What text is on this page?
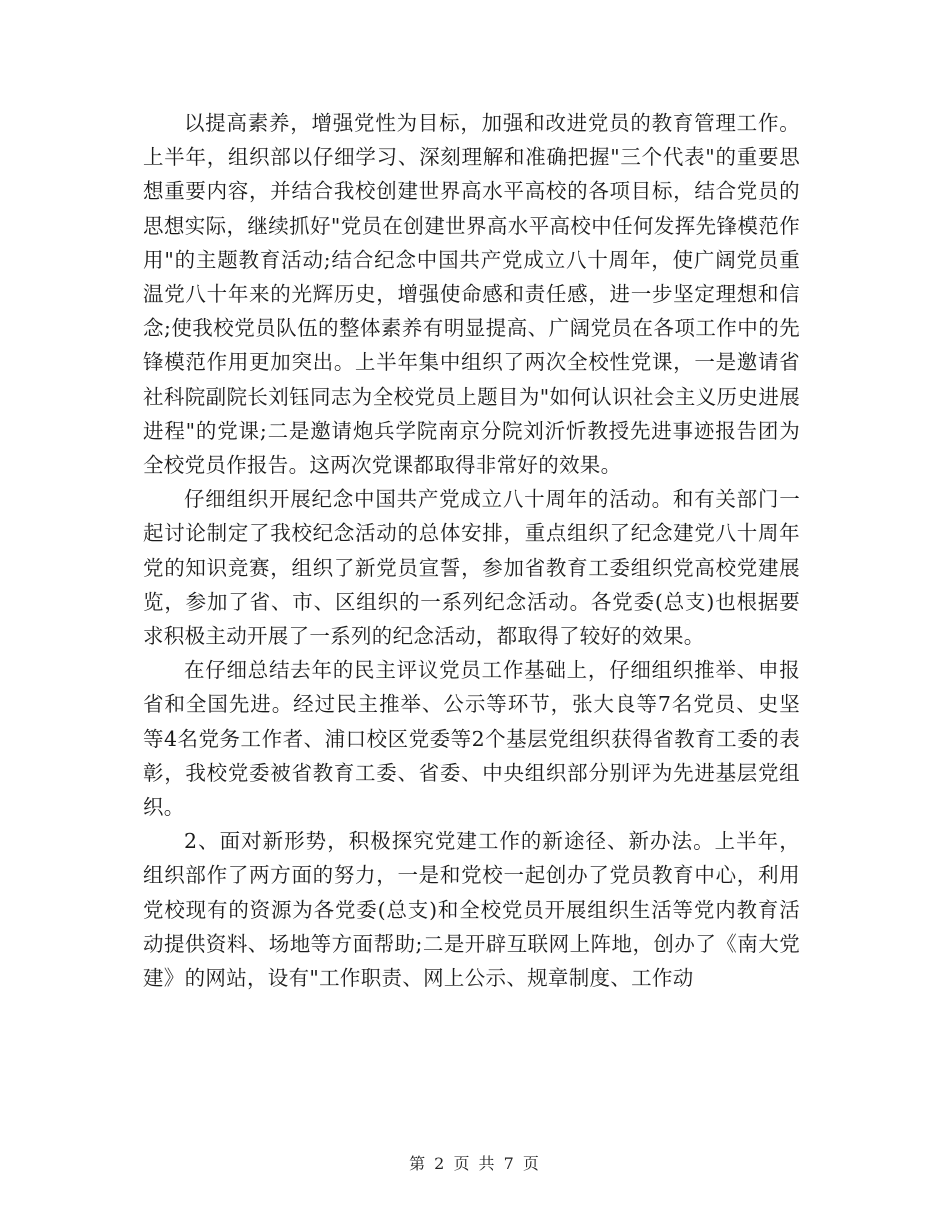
以提高素养，增强党性为目标，加强和改进党员的教育管理工作。上半年，组织部以仔细学习、深刻理解和准确把握"三个代表"的重要思想重要内容，并结合我校创建世界高水平高校的各项目标，结合党员的思想实际，继续抓好"党员在创建世界高水平高校中任何发挥先锋模范作用"的主题教育活动;结合纪念中国共产党成立八十周年，使广阔党员重温党八十年来的光辉历史，增强使命感和责任感，进一步坚定理想和信念;使我校党员队伍的整体素养有明显提高、广阔党员在各项工作中的先锋模范作用更加突出。上半年集中组织了两次全校性党课，一是邀请省社科院副院长刘钰同志为全校党员上题目为"如何认识社会主义历史进展进程"的党课;二是邀请炮兵学院南京分院刘沂忻教授先进事迹报告团为全校党员作报告。这两次党课都取得非常好的效果。

仔细组织开展纪念中国共产党成立八十周年的活动。和有关部门一起讨论制定了我校纪念活动的总体安排，重点组织了纪念建党八十周年党的知识竞赛，组织了新党员宣誓，参加省教育工委组织党高校党建展览，参加了省、市、区组织的一系列纪念活动。各党委(总支)也根据要求积极主动开展了一系列的纪念活动，都取得了较好的效果。

在仔细总结去年的民主评议党员工作基础上，仔细组织推举、申报省和全国先进。经过民主推举、公示等环节，张大良等7名党员、史坚等4名党务工作者、浦口校区党委等2个基层党组织获得省教育工委的表彰，我校党委被省教育工委、省委、中央组织部分别评为先进基层党组织。

2、面对新形势，积极探究党建工作的新途径、新办法。上半年，组织部作了两方面的努力，一是和党校一起创办了党员教育中心，利用党校现有的资源为各党委(总支)和全校党员开展组织生活等党内教育活动提供资料、场地等方面帮助;二是开辟互联网上阵地，创办了《南大党建》的网站，设有"工作职责、网上公示、规章制度、工作动

第 2 页 共 7 页
